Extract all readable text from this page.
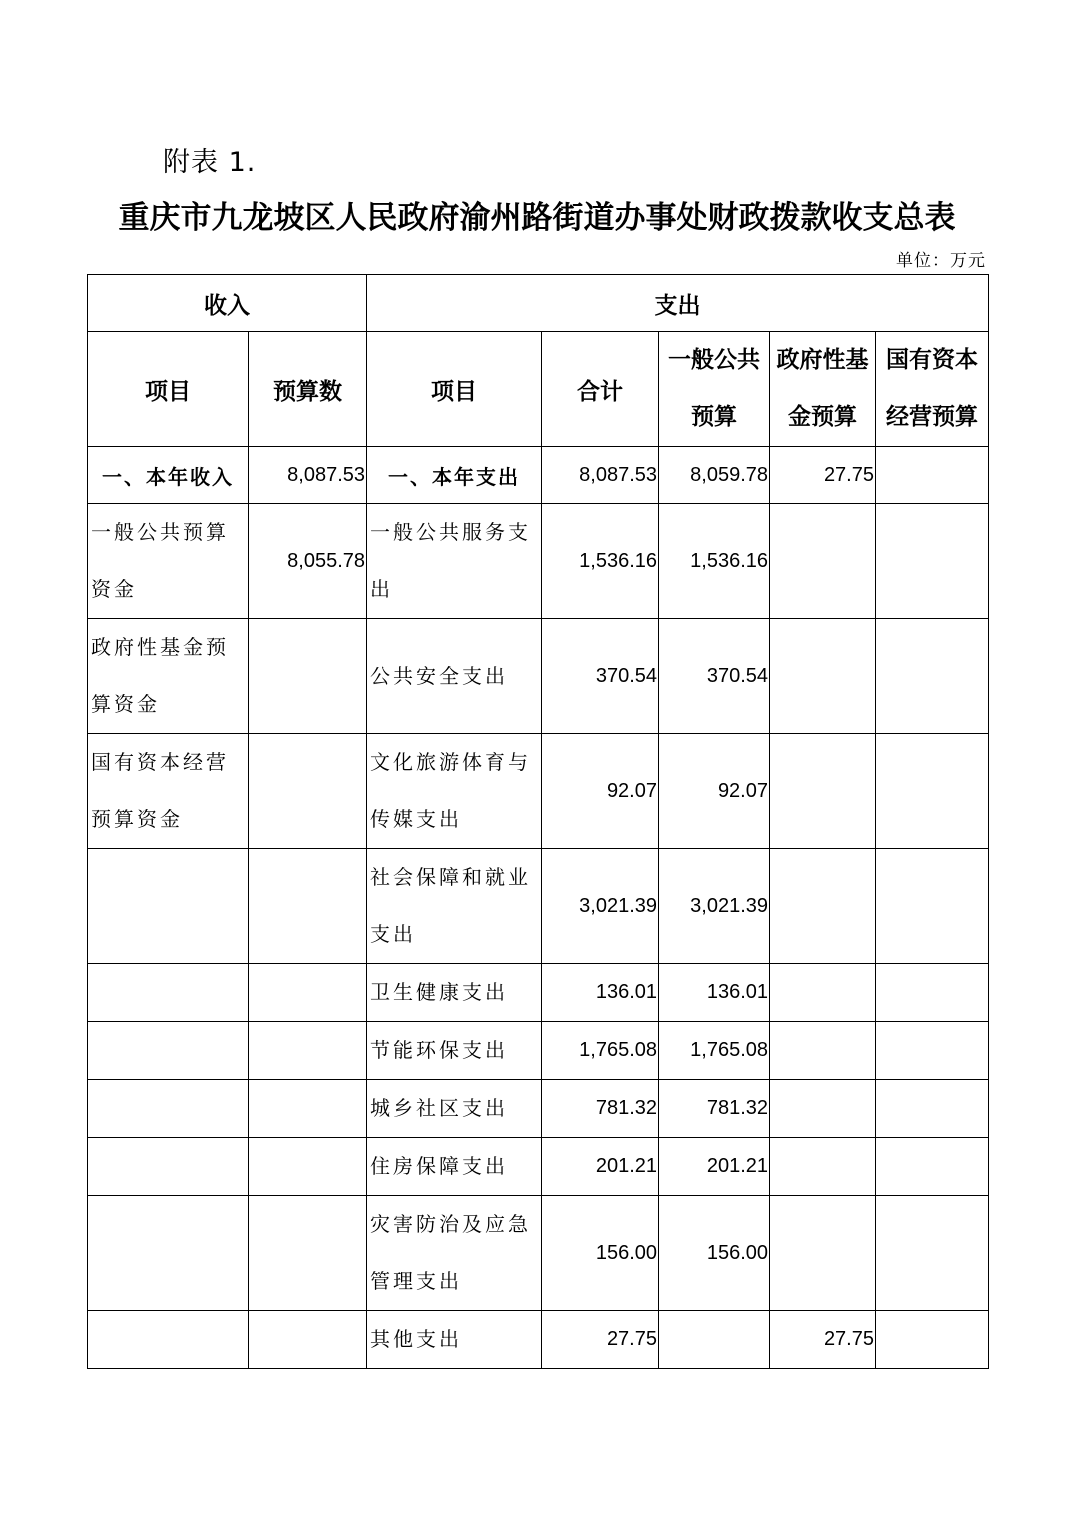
附表 1.
重庆市九龙坡区人民政府渝州路街道办事处财政拨款收支总表
单位：万元
收入		支出				
项目	预算数	项目	合计	一般公共预算	政府性基金预算	国有资本经营预算
一、本年收入	8,087.53	一、本年支出	8,087.53	8,059.78	27.75	
一般公共预算资金	8,055.78	一般公共服务支出	1,536.16	1,536.16		
政府性基金预算资金		公共安全支出	370.54	370.54		
国有资本经营预算资金		文化旅游体育与传媒支出	92.07	92.07		
		社会保障和就业支出	3,021.39	3,021.39		
		卫生健康支出	136.01	136.01		
		节能环保支出	1,765.08	1,765.08		
		城乡社区支出	781.32	781.32		
		住房保障支出	201.21	201.21		
		灾害防治及应急管理支出	156.00	156.00		
		其他支出	27.75		27.75	
